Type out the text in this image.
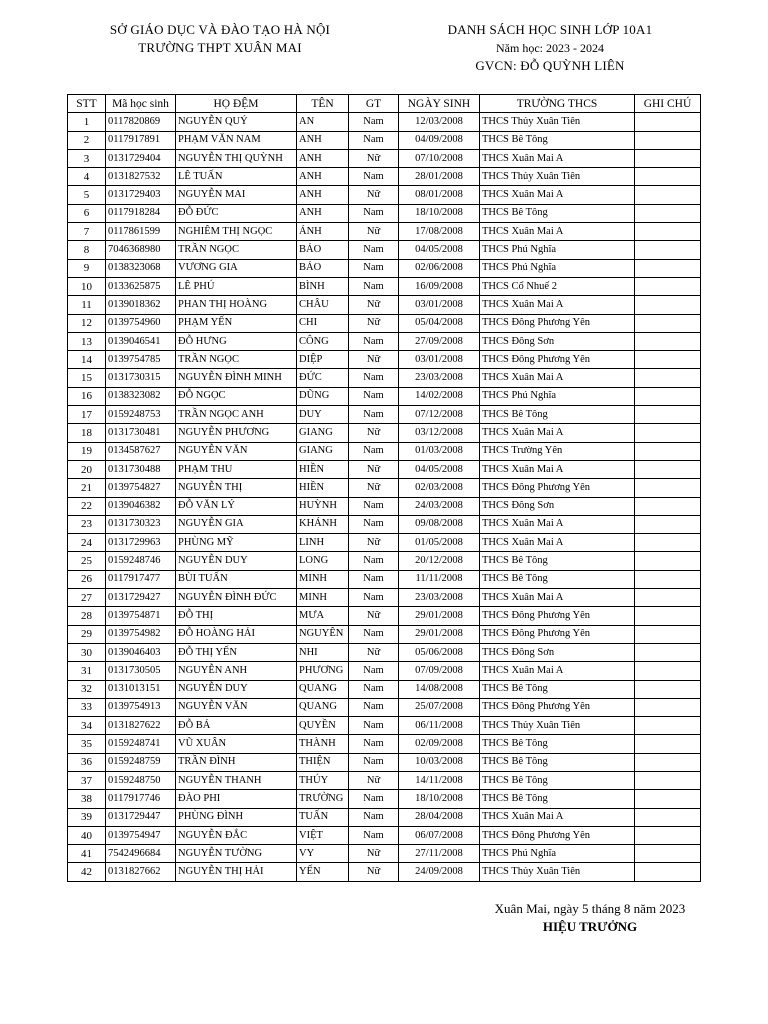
SỞ GIÁO DỤC VÀ ĐÀO TẠO HÀ NỘI
TRƯỜNG THPT XUÂN MAI
DANH SÁCH HỌC SINH LỚP 10A1
Năm học: 2023 - 2024
GVCN: ĐỖ QUỲNH LIÊN
STT	Mã học sinh	HỌ ĐỆM	TÊN	GT	NGÀY SINH	TRƯỜNG THCS	GHI CHÚ
1	0117820869	NGUYỄN QUÝ	AN	Nam	12/03/2008	THCS Thủy Xuân Tiên	
2	0117917891	PHẠM VĂN NAM	ANH	Nam	04/09/2008	THCS Bê Tông	
3	0131729404	NGUYỄN THỊ QUỲNH	ANH	Nữ	07/10/2008	THCS Xuân Mai A	
4	0131827532	LÊ TUẤN	ANH	Nam	28/01/2008	THCS Thủy Xuân Tiên	
5	0131729403	NGUYỄN MAI	ANH	Nữ	08/01/2008	THCS Xuân Mai A	
6	0117918284	ĐỖ ĐỨC	ANH	Nam	18/10/2008	THCS Bê Tông	
7	0117861599	NGHIÊM THỊ NGỌC	ÁNH	Nữ	17/08/2008	THCS Xuân Mai A	
8	7046368980	TRẦN NGỌC	BẢO	Nam	04/05/2008	THCS Phú Nghĩa	
9	0138323068	VƯƠNG GIA	BẢO	Nam	02/06/2008	THCS Phú Nghĩa	
10	0133625875	LÊ PHÚ	BÌNH	Nam	16/09/2008	THCS Cổ Nhuế 2	
11	0139018362	PHAN THỊ HOÀNG	CHÂU	Nữ	03/01/2008	THCS Xuân Mai A	
12	0139754960	PHẠM YẾN	CHI	Nữ	05/04/2008	THCS Đông Phương Yên	
13	0139046541	ĐỖ HƯNG	CÔNG	Nam	27/09/2008	THCS Đông Sơn	
14	0139754785	TRẦN NGỌC	DIỆP	Nữ	03/01/2008	THCS Đông Phương Yên	
15	0131730315	NGUYỄN ĐÌNH MINH	ĐỨC	Nam	23/03/2008	THCS Xuân Mai A	
16	0138323082	ĐỖ NGỌC	DŨNG	Nam	14/02/2008	THCS Phú Nghĩa	
17	0159248753	TRẦN NGỌC ANH	DUY	Nam	07/12/2008	THCS Bê Tông	
18	0131730481	NGUYỄN PHƯƠNG	GIANG	Nữ	03/12/2008	THCS Xuân Mai A	
19	0134587627	NGUYỄN VĂN	GIANG	Nam	01/03/2008	THCS Trường Yên	
20	0131730488	PHẠM THU	HIỀN	Nữ	04/05/2008	THCS Xuân Mai A	
21	0139754827	NGUYỄN THỊ	HIỀN	Nữ	02/03/2008	THCS Đông Phương Yên	
22	0139046382	ĐỖ VĂN LÝ	HUỲNH	Nam	24/03/2008	THCS Đông Sơn	
23	0131730323	NGUYỄN GIA	KHÁNH	Nam	09/08/2008	THCS Xuân Mai A	
24	0131729963	PHÙNG MỸ	LINH	Nữ	01/05/2008	THCS Xuân Mai A	
25	0159248746	NGUYỄN DUY	LONG	Nam	20/12/2008	THCS Bê Tông	
26	0117917477	BÙI TUẤN	MINH	Nam	11/11/2008	THCS Bê Tông	
27	0131729427	NGUYỄN ĐÌNH ĐỨC	MINH	Nam	23/03/2008	THCS Xuân Mai A	
28	0139754871	ĐỖ THỊ	MƯA	Nữ	29/01/2008	THCS Đông Phương Yên	
29	0139754982	ĐỖ HOÀNG HẢI	NGUYÊN	Nam	29/01/2008	THCS Đông Phương Yên	
30	0139046403	ĐỖ THỊ YẾN	NHI	Nữ	05/06/2008	THCS Đông Sơn	
31	0131730505	NGUYỄN ANH	PHƯƠNG	Nam	07/09/2008	THCS Xuân Mai A	
32	0131013151	NGUYỄN DUY	QUANG	Nam	14/08/2008	THCS Bê Tông	
33	0139754913	NGUYỄN VĂN	QUANG	Nam	25/07/2008	THCS Đông Phương Yên	
34	0131827622	ĐỖ BÁ	QUYỀN	Nam	06/11/2008	THCS Thủy Xuân Tiên	
35	0159248741	VŨ XUÂN	THÀNH	Nam	02/09/2008	THCS Bê Tông	
36	0159248759	TRẦN ĐÌNH	THIỆN	Nam	10/03/2008	THCS Bê Tông	
37	0159248750	NGUYỄN THANH	THÚY	Nữ	14/11/2008	THCS Bê Tông	
38	0117917746	ĐÀO PHI	TRƯỜNG	Nam	18/10/2008	THCS Bê Tông	
39	0131729447	PHÙNG ĐÌNH	TUẤN	Nam	28/04/2008	THCS Xuân Mai A	
40	0139754947	NGUYỄN ĐẮC	VIỆT	Nam	06/07/2008	THCS Đông Phương Yên	
41	7542496684	NGUYỄN TƯỜNG	VY	Nữ	27/11/2008	THCS Phú Nghĩa	
42	0131827662	NGUYỄN THỊ HẢI	YẾN	Nữ	24/09/2008	THCS Thủy Xuân Tiên	
Xuân Mai, ngày 5 tháng 8 năm 2023
HIỆU TRƯỞNG
